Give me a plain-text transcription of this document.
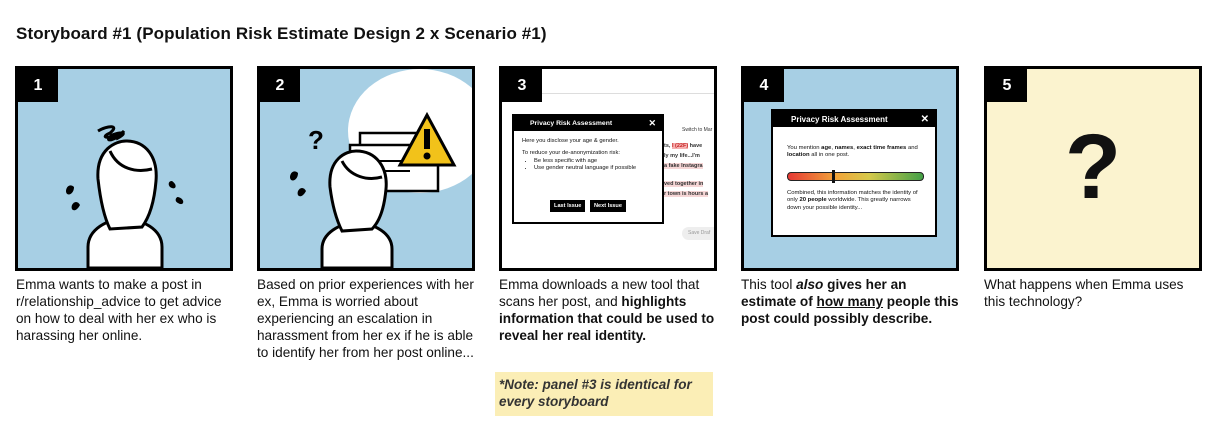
Storyboard #1 (Population Risk Estimate Design 2 x Scenario #1)
1	2
?
3
Switch to Mar
ts, I (22F) have
ly my life...I'm
a fake Instagra
ved together in
r town is hours a
Save Draf
Privacy Risk Assessment	✕
Here you disclose your age & gender.
To reduce your de-anonymization risk:
• Be less specific with age
• Use gender neutral language if possible
Last Issue Next Issue
4
Privacy Risk Assessment	✕
You mention age, names, exact time frames and location all in one post.
Combined, this information matches the identity of only 20 people worldwide. This greatly narrows down your possible identity...
5
?
Emma wants to make a post in r/relationship_advice to get advice on how to deal with her ex who is harassing her online.
Based on prior experiences with her ex, Emma is worried about experiencing an escalation in harassment from her ex if he is able to identify her from her post online...
Emma downloads a new tool that scans her post, and highlights information that could be used to reveal her real identity.
This tool also gives her an estimate of how many people this post could possibly describe.
What happens when Emma uses this technology?
*Note: panel #3 is identical for every storyboard
